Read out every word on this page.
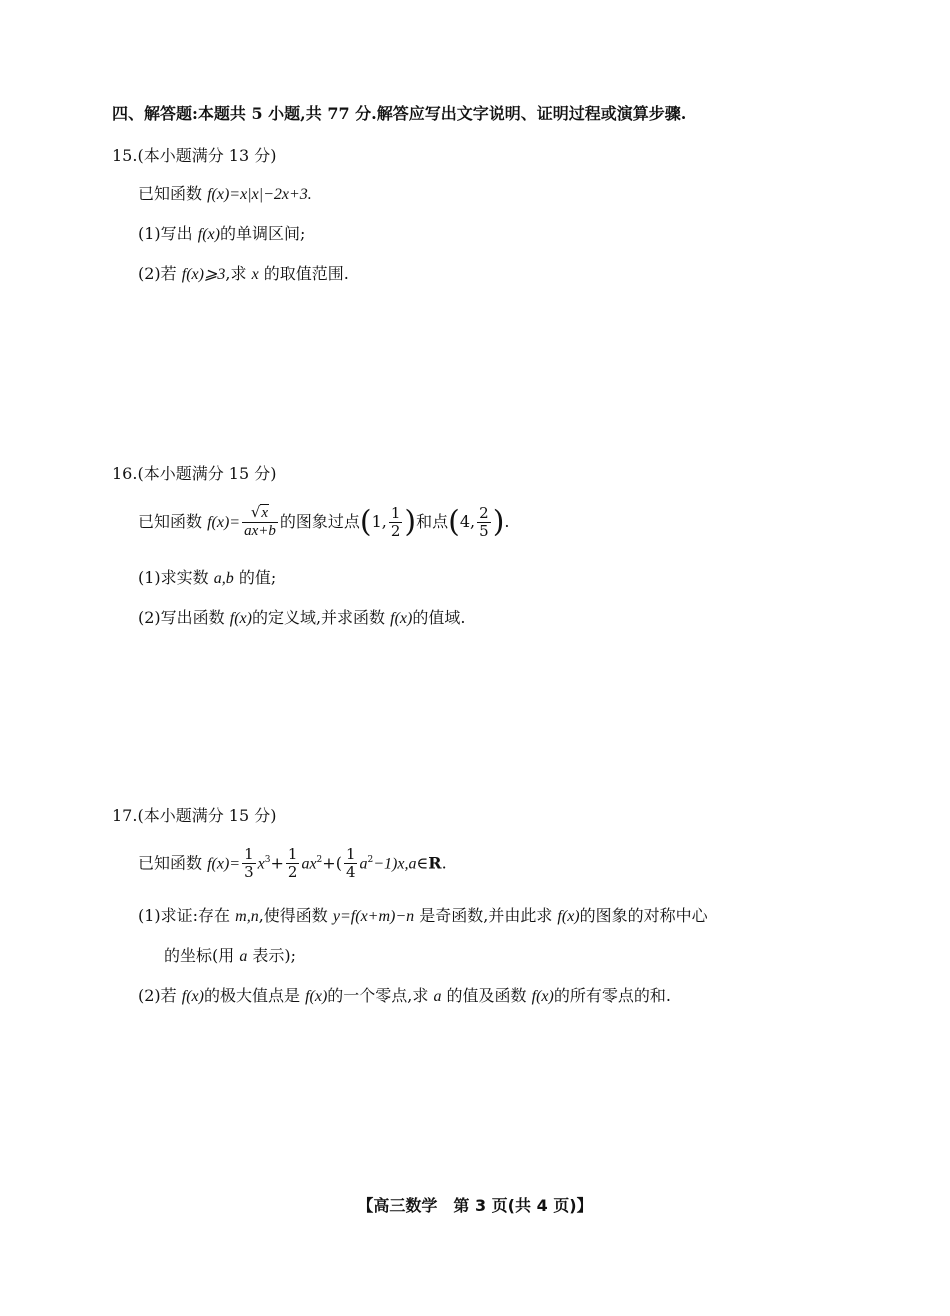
四、解答题:本题共 5 小题,共 77 分.解答应写出文字说明、证明过程或演算步骤.
15.(本小题满分 13 分)
已知函数 f(x)=x|x|−2x+3.
(1)写出 f(x)的单调区间;
(2)若 f(x)⩾3,求 x 的取值范围.
16.(本小题满分 15 分)
已知函数 $f(x)= \frac{√x}{ax+b}$ 的图象过点(1, $\frac{1}{2}$ )和点(4, $\frac{2}{5}$ ).
(1)求实数 a,b 的值;
(2)写出函数 f(x)的定义域,并求函数 f(x)的值域.
17.(本小题满分 15 分)
已知函数 $f(x)= \frac{1}{3} x^3+ \frac{1}{2} ax^2+( \frac{1}{4}$ $a^2-1)x,a\in R$.
(1)求证:存在 m,n,使得函数 y=f(x+m)−n 是奇函数,并由此求 f(x)的图象的对称中心
的坐标(用 a 表示);
(2)若 f(x)的极大值点是 f(x)的一个零点,求 a 的值及函数 f(x)的所有零点的和.
【高三数学　第 3 页(共 4 页)】
